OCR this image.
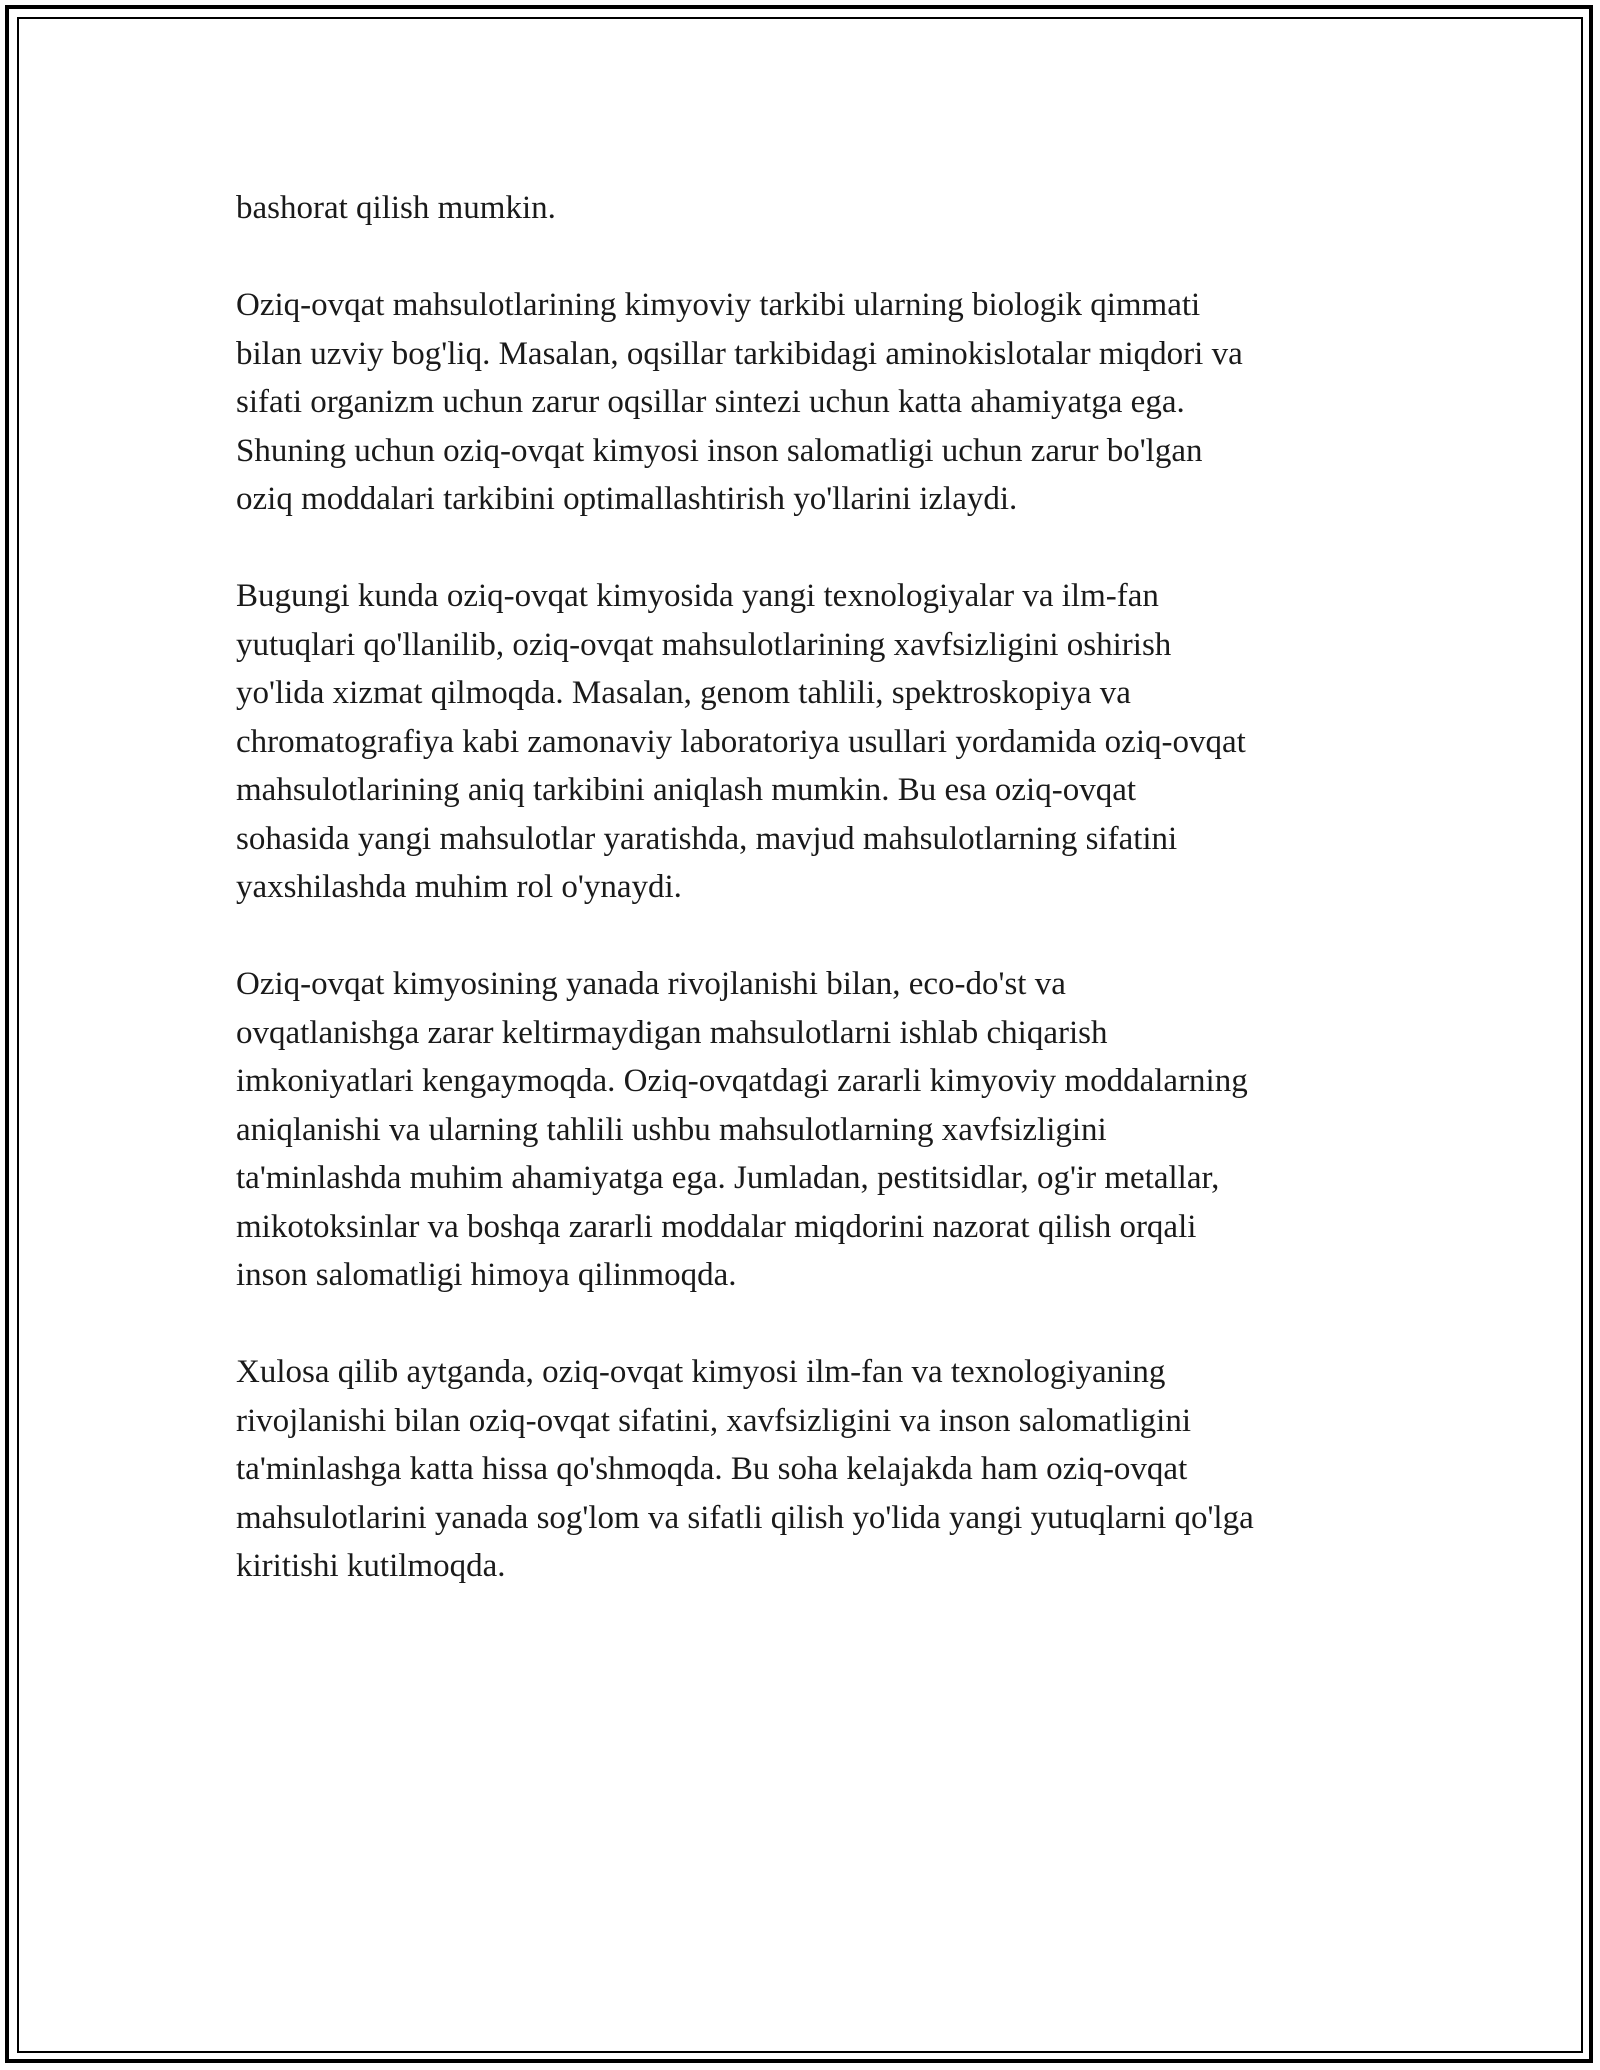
bashorat qilish mumkin.

Oziq-ovqat mahsulotlarining kimyoviy tarkibi ularning biologik qimmati
bilan uzviy bog'liq. Masalan, oqsillar tarkibidagi aminokislotalar miqdori va
sifati organizm uchun zarur oqsillar sintezi uchun katta ahamiyatga ega.
Shuning uchun oziq-ovqat kimyosi inson salomatligi uchun zarur bo'lgan
oziq moddalari tarkibini optimallashtirish yo'llarini izlaydi.

Bugungi kunda oziq-ovqat kimyosida yangi texnologiyalar va ilm-fan
yutuqlari qo'llanilib, oziq-ovqat mahsulotlarining xavfsizligini oshirish
yo'lida xizmat qilmoqda. Masalan, genom tahlili, spektroskopiya va
chromatografiya kabi zamonaviy laboratoriya usullari yordamida oziq-ovqat
mahsulotlarining aniq tarkibini aniqlash mumkin. Bu esa oziq-ovqat
sohasida yangi mahsulotlar yaratishda, mavjud mahsulotlarning sifatini
yaxshilashda muhim rol o'ynaydi.

Oziq-ovqat kimyosining yanada rivojlanishi bilan, eco-do'st va
ovqatlanishga zarar keltirmaydigan mahsulotlarni ishlab chiqarish
imkoniyatlari kengaymoqda. Oziq-ovqatdagi zararli kimyoviy moddalarning
aniqlanishi va ularning tahlili ushbu mahsulotlarning xavfsizligini
ta'minlashda muhim ahamiyatga ega. Jumladan, pestitsidlar, og'ir metallar,
mikotoksinlar va boshqa zararli moddalar miqdorini nazorat qilish orqali
inson salomatligi himoya qilinmoqda.

Xulosa qilib aytganda, oziq-ovqat kimyosi ilm-fan va texnologiyaning
rivojlanishi bilan oziq-ovqat sifatini, xavfsizligini va inson salomatligini
ta'minlashga katta hissa qo'shmoqda. Bu soha kelajakda ham oziq-ovqat
mahsulotlarini yanada sog'lom va sifatli qilish yo'lida yangi yutuqlarni qo'lga
kiritishi kutilmoqda.
